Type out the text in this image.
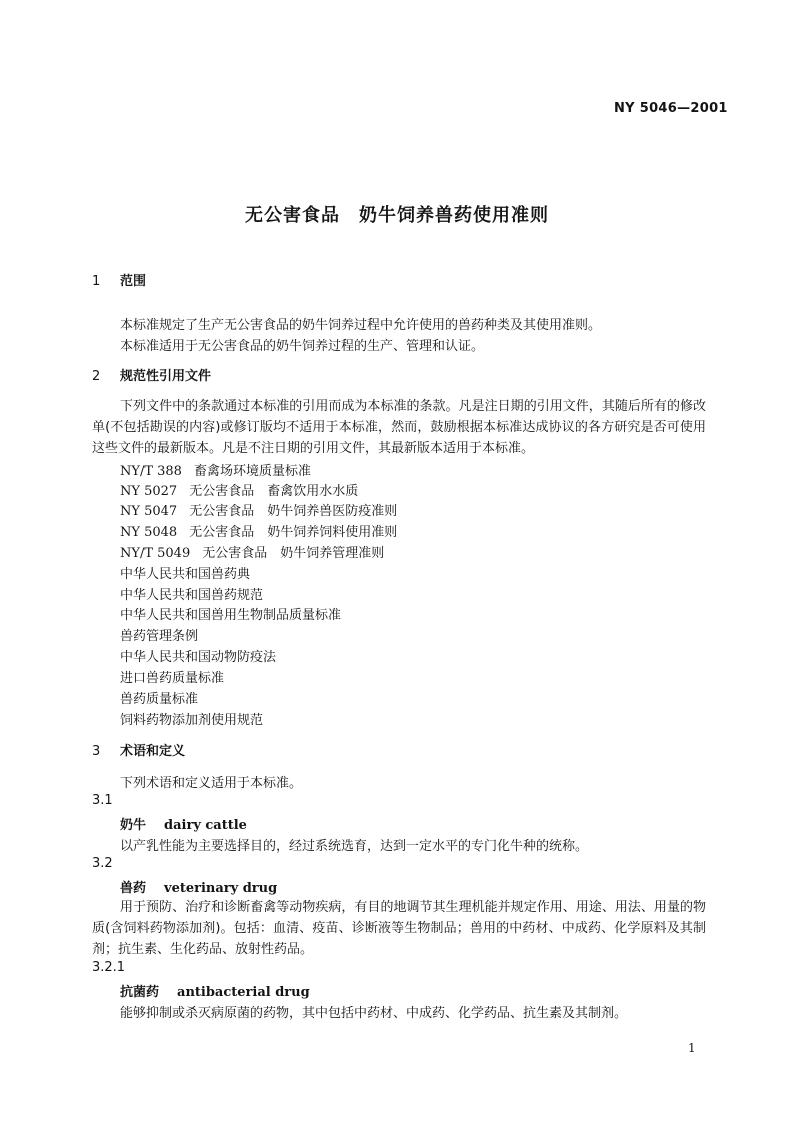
NY 5046—2001
无公害食品　奶牛饲养兽药使用准则
1 范围
本标准规定了生产无公害食品的奶牛饲养过程中允许使用的兽药种类及其使用准则。
本标准适用于无公害食品的奶牛饲养过程的生产、管理和认证。
2 规范性引用文件
下列文件中的条款通过本标准的引用而成为本标准的条款。凡是注日期的引用文件，其随后所有的修改单(不包括勘误的内容)或修订版均不适用于本标准，然而，鼓励根据本标准达成协议的各方研究是否可使用这些文件的最新版本。凡是不注日期的引用文件，其最新版本适用于本标准。
NY/T 388 畜禽场环境质量标准
NY 5027 无公害食品　畜禽饮用水水质
NY 5047 无公害食品　奶牛饲养兽医防疫准则
NY 5048 无公害食品　奶牛饲养饲料使用准则
NY/T 5049 无公害食品　奶牛饲养管理准则
中华人民共和国兽药典
中华人民共和国兽药规范
中华人民共和国兽用生物制品质量标准
兽药管理条例
中华人民共和国动物防疫法
进口兽药质量标准
兽药质量标准
饲料药物添加剂使用规范
3 术语和定义
下列术语和定义适用于本标准。
3.1
奶牛 dairy cattle
以产乳性能为主要选择目的，经过系统选育，达到一定水平的专门化牛种的统称。
3.2
兽药 veterinary drug
用于预防、治疗和诊断畜禽等动物疾病，有目的地调节其生理机能并规定作用、用途、用法、用量的物质(含饲料药物添加剂)。包括：血清、疫苗、诊断液等生物制品；兽用的中药材、中成药、化学原料及其制剂；抗生素、生化药品、放射性药品。
3.2.1
抗菌药 antibacterial drug
能够抑制或杀灭病原菌的药物，其中包括中药材、中成药、化学药品、抗生素及其制剂。
1
